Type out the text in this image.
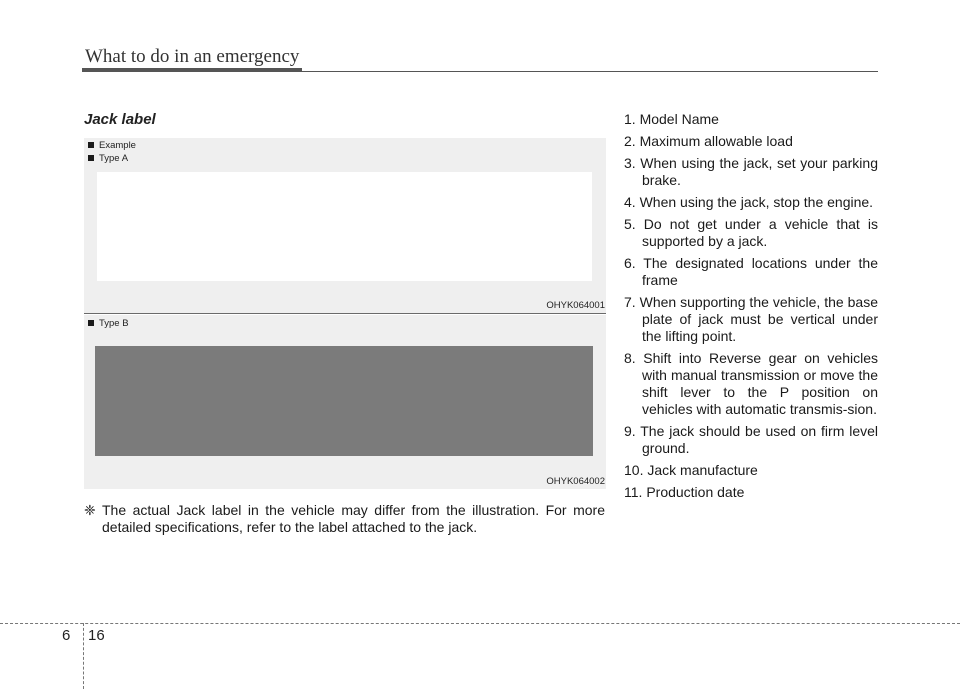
What to do in an emergency
Jack label
Example
Type A
OHYK064001
Type B
OHYK064002
❈ The actual Jack label in the vehicle may differ from the illustration. For more detailed specifications, refer to the label attached to the jack.
1. Model Name
2. Maximum allowable load
3. When using the jack, set your parking brake.
4. When using the jack, stop the engine.
5. Do not get under a vehicle that is supported by a jack.
6. The designated locations under the frame
7. When supporting the vehicle, the base plate of jack must be vertical under the lifting point.
8. Shift into Reverse gear on vehicles with manual transmission or move the shift lever to the P position on vehicles with automatic transmis-sion.
9. The jack should be used on firm level ground.
10. Jack manufacture
11. Production date
6 16
